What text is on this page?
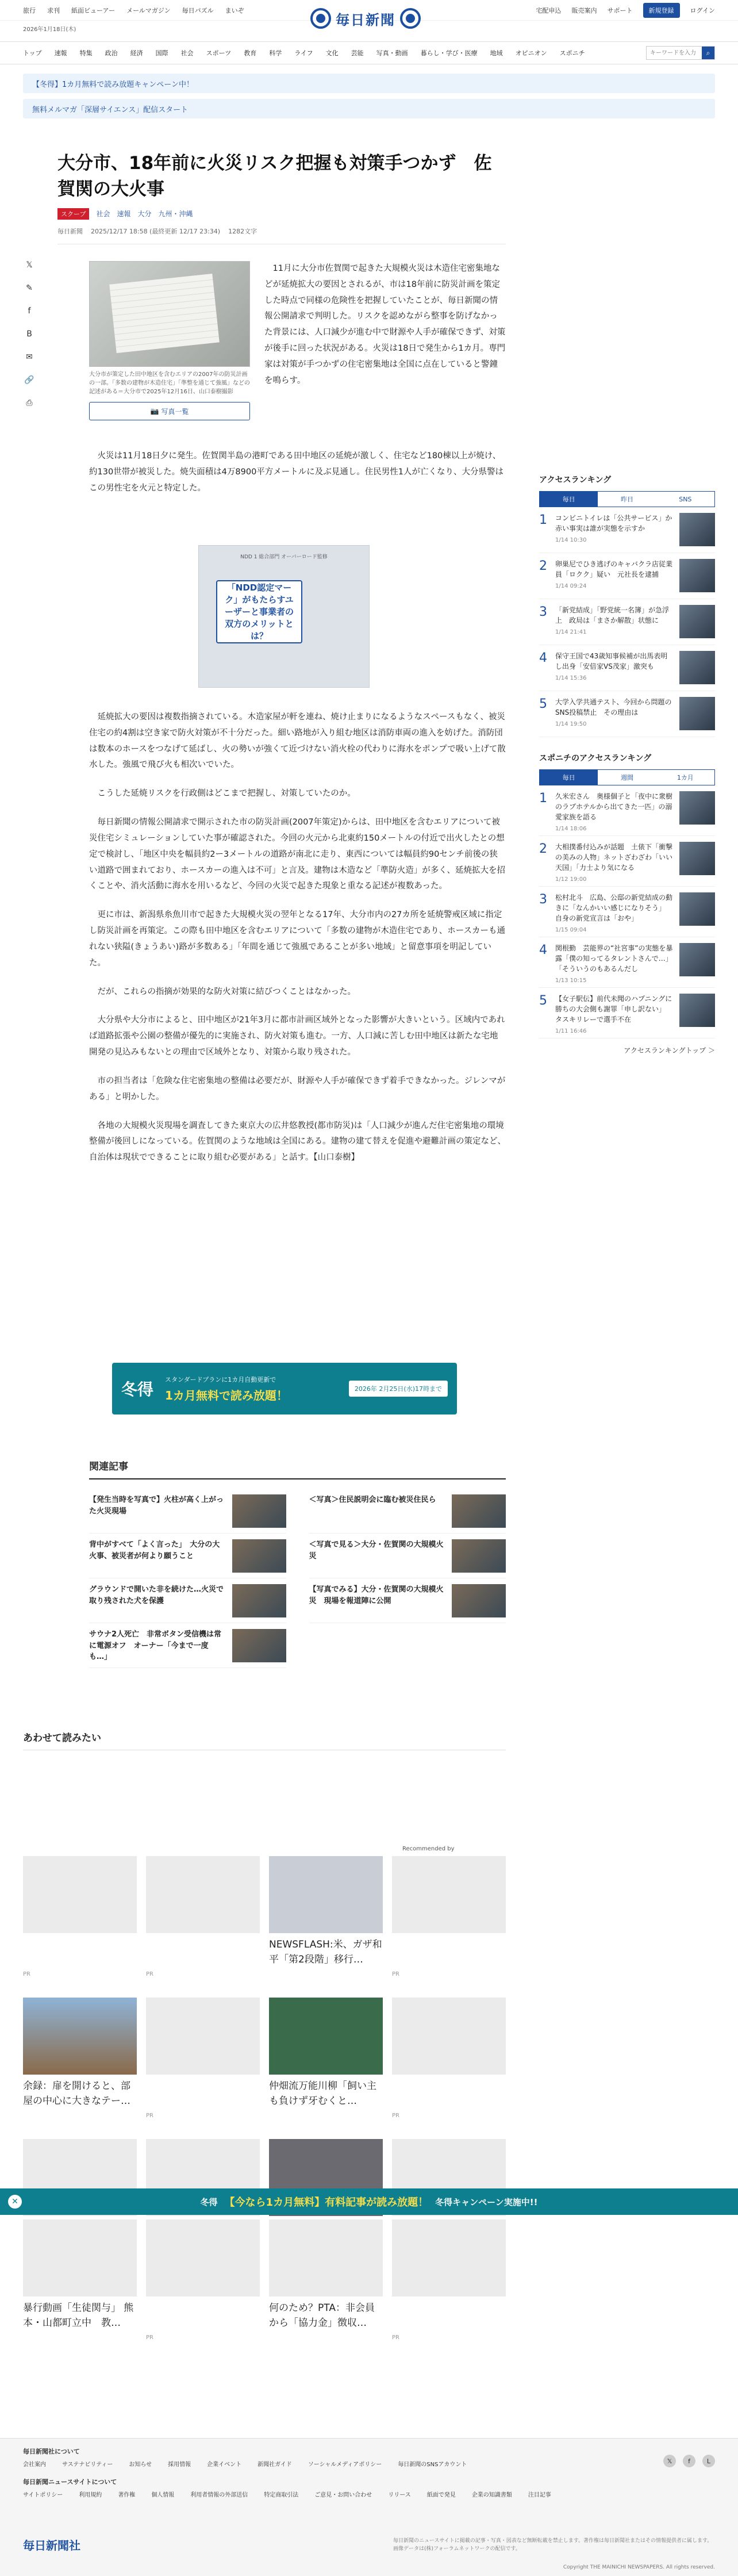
旅行 求刊 紙面ビューアー メールマガジン 毎日パズル まいぞ	宅配申込 販売案内 サポート	新規登録	ログイン
2026年1月18日(木)
毎日新聞
トップ 速報 特集 政治 経済 国際 社会 スポーツ 教育 科学 ライフ 文化 芸能 写真・動画 暮らし・学び・医療 地域 オピニオン スポニチ
キーワードを入力	⌕
【冬得】1カ月無料で読み放題キャンペーン中！
無料メルマガ「深層サイエンス」配信スタート
大分市、18年前に火災リスク把握も対策手つかず　佐賀関の大火事
スクープ	社会 速報 大分 九州・沖縄
毎日新聞 2025/12/17 18:58 (最終更新 12/17 23:34) 1282文字
𝕏
✎
f
B
✉
🔗
⎙
大分市が策定した田中地区を含むエリアの2007年の防災計画の一部。「多数の建物が木造住宅」「準整を通じて強風」などの記述がある＝大分市で2025年12月16日、山口泰樹撮影
📷 写真一覧

11月に大分市佐賀関で起きた大規模火災は木造住宅密集地などが延焼拡大の要因とされるが、市は18年前に防災計画を策定した時点で同様の危険性を把握していたことが、毎日新聞の情報公開請求で判明した。リスクを認めながら整事を防げなかった背景には、人口減少が進む中で財源や人手が確保できず、対策が後手に回った状況がある。火災は18日で発生から1カ月。専門家は対策が手つかずの住宅密集地は全国に点在していると警鐘を鳴らす。

火災は11月18日夕に発生。佐賀関半島の港町である田中地区の延焼が激しく、住宅など180棟以上が焼け、約130世帯が被災した。焼失面積は4万8900平方メートルに及ぶ見通し。住民男性1人が亡くなり、大分県警はこの男性宅を火元と特定した。

NDD 1 総合部門 オーバーロード監修
「NDD認定マーク」がもたらすユーザーと事業者の双方のメリットとは？

延焼拡大の要因は複数指摘されている。木造家屋が軒を連ね、焼け止まりになるようなスペースもなく、被災住宅の約4割は空き家で防火対策が不十分だった。細い路地が入り組む地区は消防車両の進入を妨げた。消防団は数本のホースをつなげて延ばし、火の勢いが強くて近づけない消火栓の代わりに海水をポンプで吸い上げて散水した。強風で飛び火も相次いでいた。

こうした延焼リスクを行政側はどこまで把握し、対策していたのか。

毎日新聞の情報公開請求で開示された市の防災計画(2007年策定)からは、田中地区を含むエリアについて被災住宅シミュレーションしていた事が確認された。今回の火元から北東約150メートルの付近で出火したとの想定で検討し、「地区中央を幅員約2ー3メートルの道路が南北に走り、東西については幅員約90センチ前後の狭い道路で囲まれており、ホースカーの進入は不可」と言及。建物は木造など「準防火造」が多く、延焼拡大を招くことや、消火活動に海水を用いるなど、今回の火災で起きた現象と重なる記述が複数あった。

更に市は、新潟県糸魚川市で起きた大規模火災の翌年となる17年、大分市内の27カ所を延焼警戒区域に指定し防災計画を再策定。この際も田中地区を含むエリアについて「多数の建物が木造住宅であり、ホースカーも通れない狭隘(きょうあい)路が多数ある」「年間を通じて強風であることが多い地域」と留意事項を明記していた。

だが、これらの指摘が効果的な防火対策に結びつくことはなかった。

大分県や大分市によると、田中地区が21年3月に都市計画区域外となった影響が大きいという。区域内であれば道路拡張や公園の整備が優先的に実施され、防火対策も進む。一方、人口減に苦しむ田中地区は新たな宅地開発の見込みもないとの理由で区域外となり、対策から取り残された。

市の担当者は「危険な住宅密集地の整備は必要だが、財源や人手が確保できず着手できなかった。ジレンマがある」と明かした。

各地の大規模火災現場を調査してきた東京大の広井悠教授(都市防災)は「人口減少が進んだ住宅密集地の環境整備が後回しになっている。佐賀関のような地域は全国にある。建物の建て替えを促進や避難計画の策定など、自治体は現状でできることに取り組む必要がある」と話す。【山口泰樹】

冬得
スタンダードプランに1カ月自動更新で
1カ月無料で読み放題！	2026年 2月25日(水)17時まで
関連記事
【発生当時を写真で】火柱が高く上がった火災現場
＜写真＞住民説明会に臨む被災住民ら
背中がすべて「よく言った」　大分の大火事、被災者が何より願うこと
＜写真で見る＞大分・佐賀関の大規模火災
グラウンドで開いた非を続けた…火災で取り残された犬を保護
【写真でみる】大分・佐賀関の大規模火災　現場を報道陣に公開
サウナ2人死亡　非常ボタン受信機は常に電源オフ　オーナー「今まで一度も…」
あわせて読みたい
Recommended by
PR	PR
NEWSFLASH:米、ガザ和平「第2段階」移行…
PR
余録：扉を開けると、部屋の中心に大きなテー…
PR
仲畑流万能川柳「飼い主も負けず牙むくと…
PR
✕	冬得 【今なら1カ月無料】有料記事が読み放題！ 冬得キャンペーン実施中!!
暴行動画「生徒関与」 熊本・山都町立中　教…
PR
何のため？PTA：非会員から「協力金」徴収…
PR
アクセスランキング
毎日	昨日	SNS
1	コンビニトイレは「公共サービス」か　赤い事実は誰が実態を示すか
1/14 10:30
2	卵巣尼でひき逃げのキャバクラ店従業員「ロクク」疑い　元社長を逮捕
1/14 09:24
3	「新党結成」「野党統一名簿」が急浮上　政局は「まさか解散」状態に
1/14 21:41
4	保守王国で43歳知事候補が出馬表明し出身「安倍家VS茂家」激突も
1/14 15:36
5	大学入学共通テスト、今回から問題のSNS投稿禁止　その理由は
1/14 19:50
スポニチのアクセスランキング
毎日	週間	1カ月
1	久米宏さん　奥様個子と「夜中に衆樹のラブホテルから出てきた一匹」の溺愛家族を語る
1/14 18:06
2	大相撲番付込みが話題　土俵下「衝撃の美みの人物」ネットざわざわ「いい天国」「力士より気になる
1/12 19:00
3	松村北斗　広島、公邸の新党結成の動きに「なんかいい感じになりそう」　自身の新党宣言は「おや」
1/15 09:04
4	関根勤　芸能界の“社宮事”の実態を暴露「僕の知ってるタレントさんで…」「そういうのもあるんだし
1/13 10:15
5	【女子駅伝】前代未聞のハプニングに勝ちの大会側も謝罪「申し訳ない」　タスキリレーで選手不在
1/11 16:46
アクセスランキングトップ ＞
毎日新聞社について
会社案内	サステナビリティー	お知らせ	採用情報	企業イベント	新聞社ガイド	ソーシャルメディアポリシー	毎日新聞のSNSアカウント
毎日新聞ニュースサイトについて
サイトポリシー	利用規約	著作権	個人情報	利用者情報の外部送信	特定商取引法	ご意見・お問い合わせ	リリース	紙面で発見	企業の知識書類	注目記事
𝕏	f	L
毎日新聞社	毎日新聞のニュースサイトに掲載の記事・写真・図表など無断転載を禁止します。著作権は毎日新聞社またはその情報提供者に属します。画像データは(株)フォーラムネットワークの配信です。
Copyright THE MAINICHI NEWSPAPERS. All rights reserved.
